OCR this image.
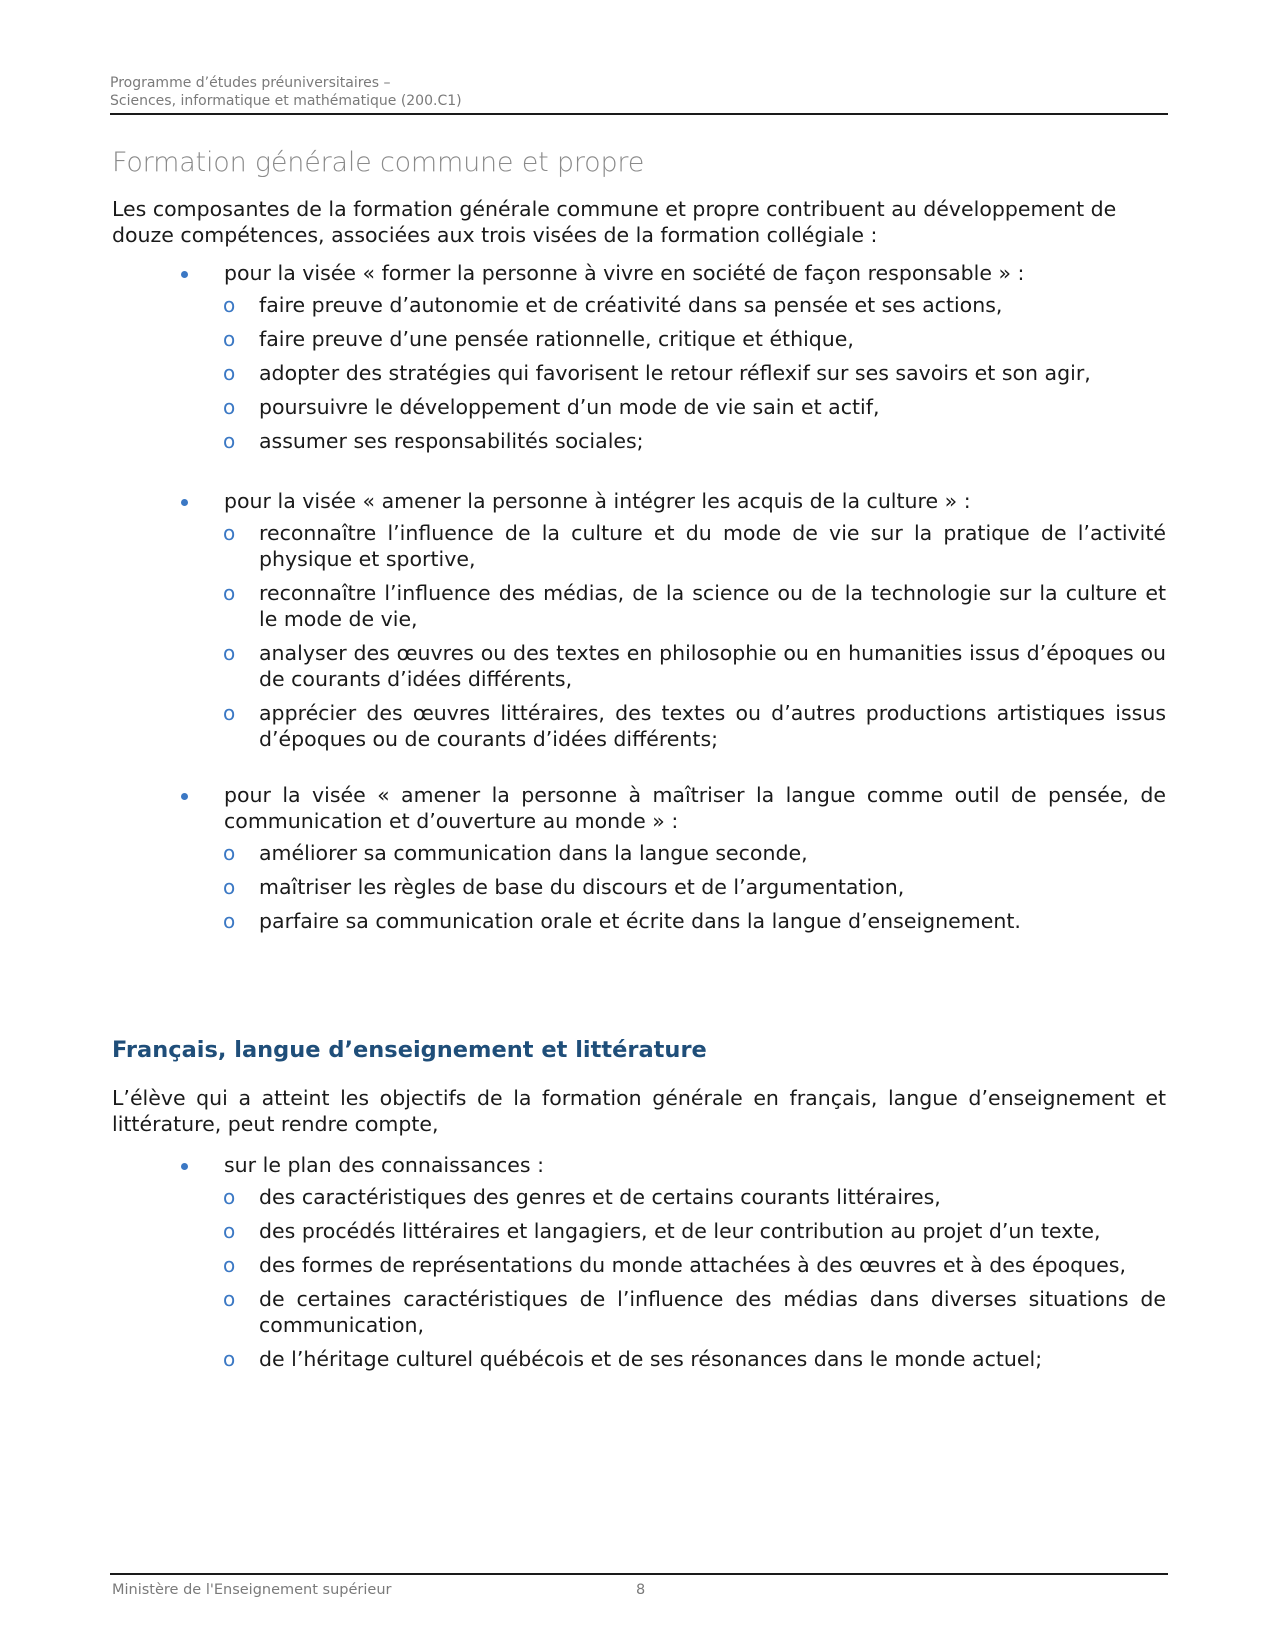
Programme d’études préuniversitaires –
Sciences, informatique et mathématique (200.C1)
Formation générale commune et propre
Les composantes de la formation générale commune et propre contribuent au développement de douze compétences, associées aux trois visées de la formation collégiale :
pour la visée « former la personne à vivre en société de façon responsable » :
o faire preuve d’autonomie et de créativité dans sa pensée et ses actions,
o faire preuve d’une pensée rationnelle, critique et éthique,
o adopter des stratégies qui favorisent le retour réflexif sur ses savoirs et son agir,
o poursuivre le développement d’un mode de vie sain et actif,
o assumer ses responsabilités sociales;
pour la visée « amener la personne à intégrer les acquis de la culture » :
o reconnaître l’influence de la culture et du mode de vie sur la pratique de l’activité physique et sportive,
o reconnaître l’influence des médias, de la science ou de la technologie sur la culture et le mode de vie,
o analyser des œuvres ou des textes en philosophie ou en humanities issus d’époques ou de courants d’idées différents,
o apprécier des œuvres littéraires, des textes ou d’autres productions artistiques issus d’époques ou de courants d’idées différents;
pour la visée « amener la personne à maîtriser la langue comme outil de pensée, de communication et d’ouverture au monde » :
o améliorer sa communication dans la langue seconde,
o maîtriser les règles de base du discours et de l’argumentation,
o parfaire sa communication orale et écrite dans la langue d’enseignement.
Français, langue d’enseignement et littérature
L’élève qui a atteint les objectifs de la formation générale en français, langue d’enseignement et littérature, peut rendre compte,
sur le plan des connaissances :
o des caractéristiques des genres et de certains courants littéraires,
o des procédés littéraires et langagiers, et de leur contribution au projet d’un texte,
o des formes de représentations du monde attachées à des œuvres et à des époques,
o de certaines caractéristiques de l’influence des médias dans diverses situations de communication,
o de l’héritage culturel québécois et de ses résonances dans le monde actuel;
Ministère de l'Enseignement supérieur	8
